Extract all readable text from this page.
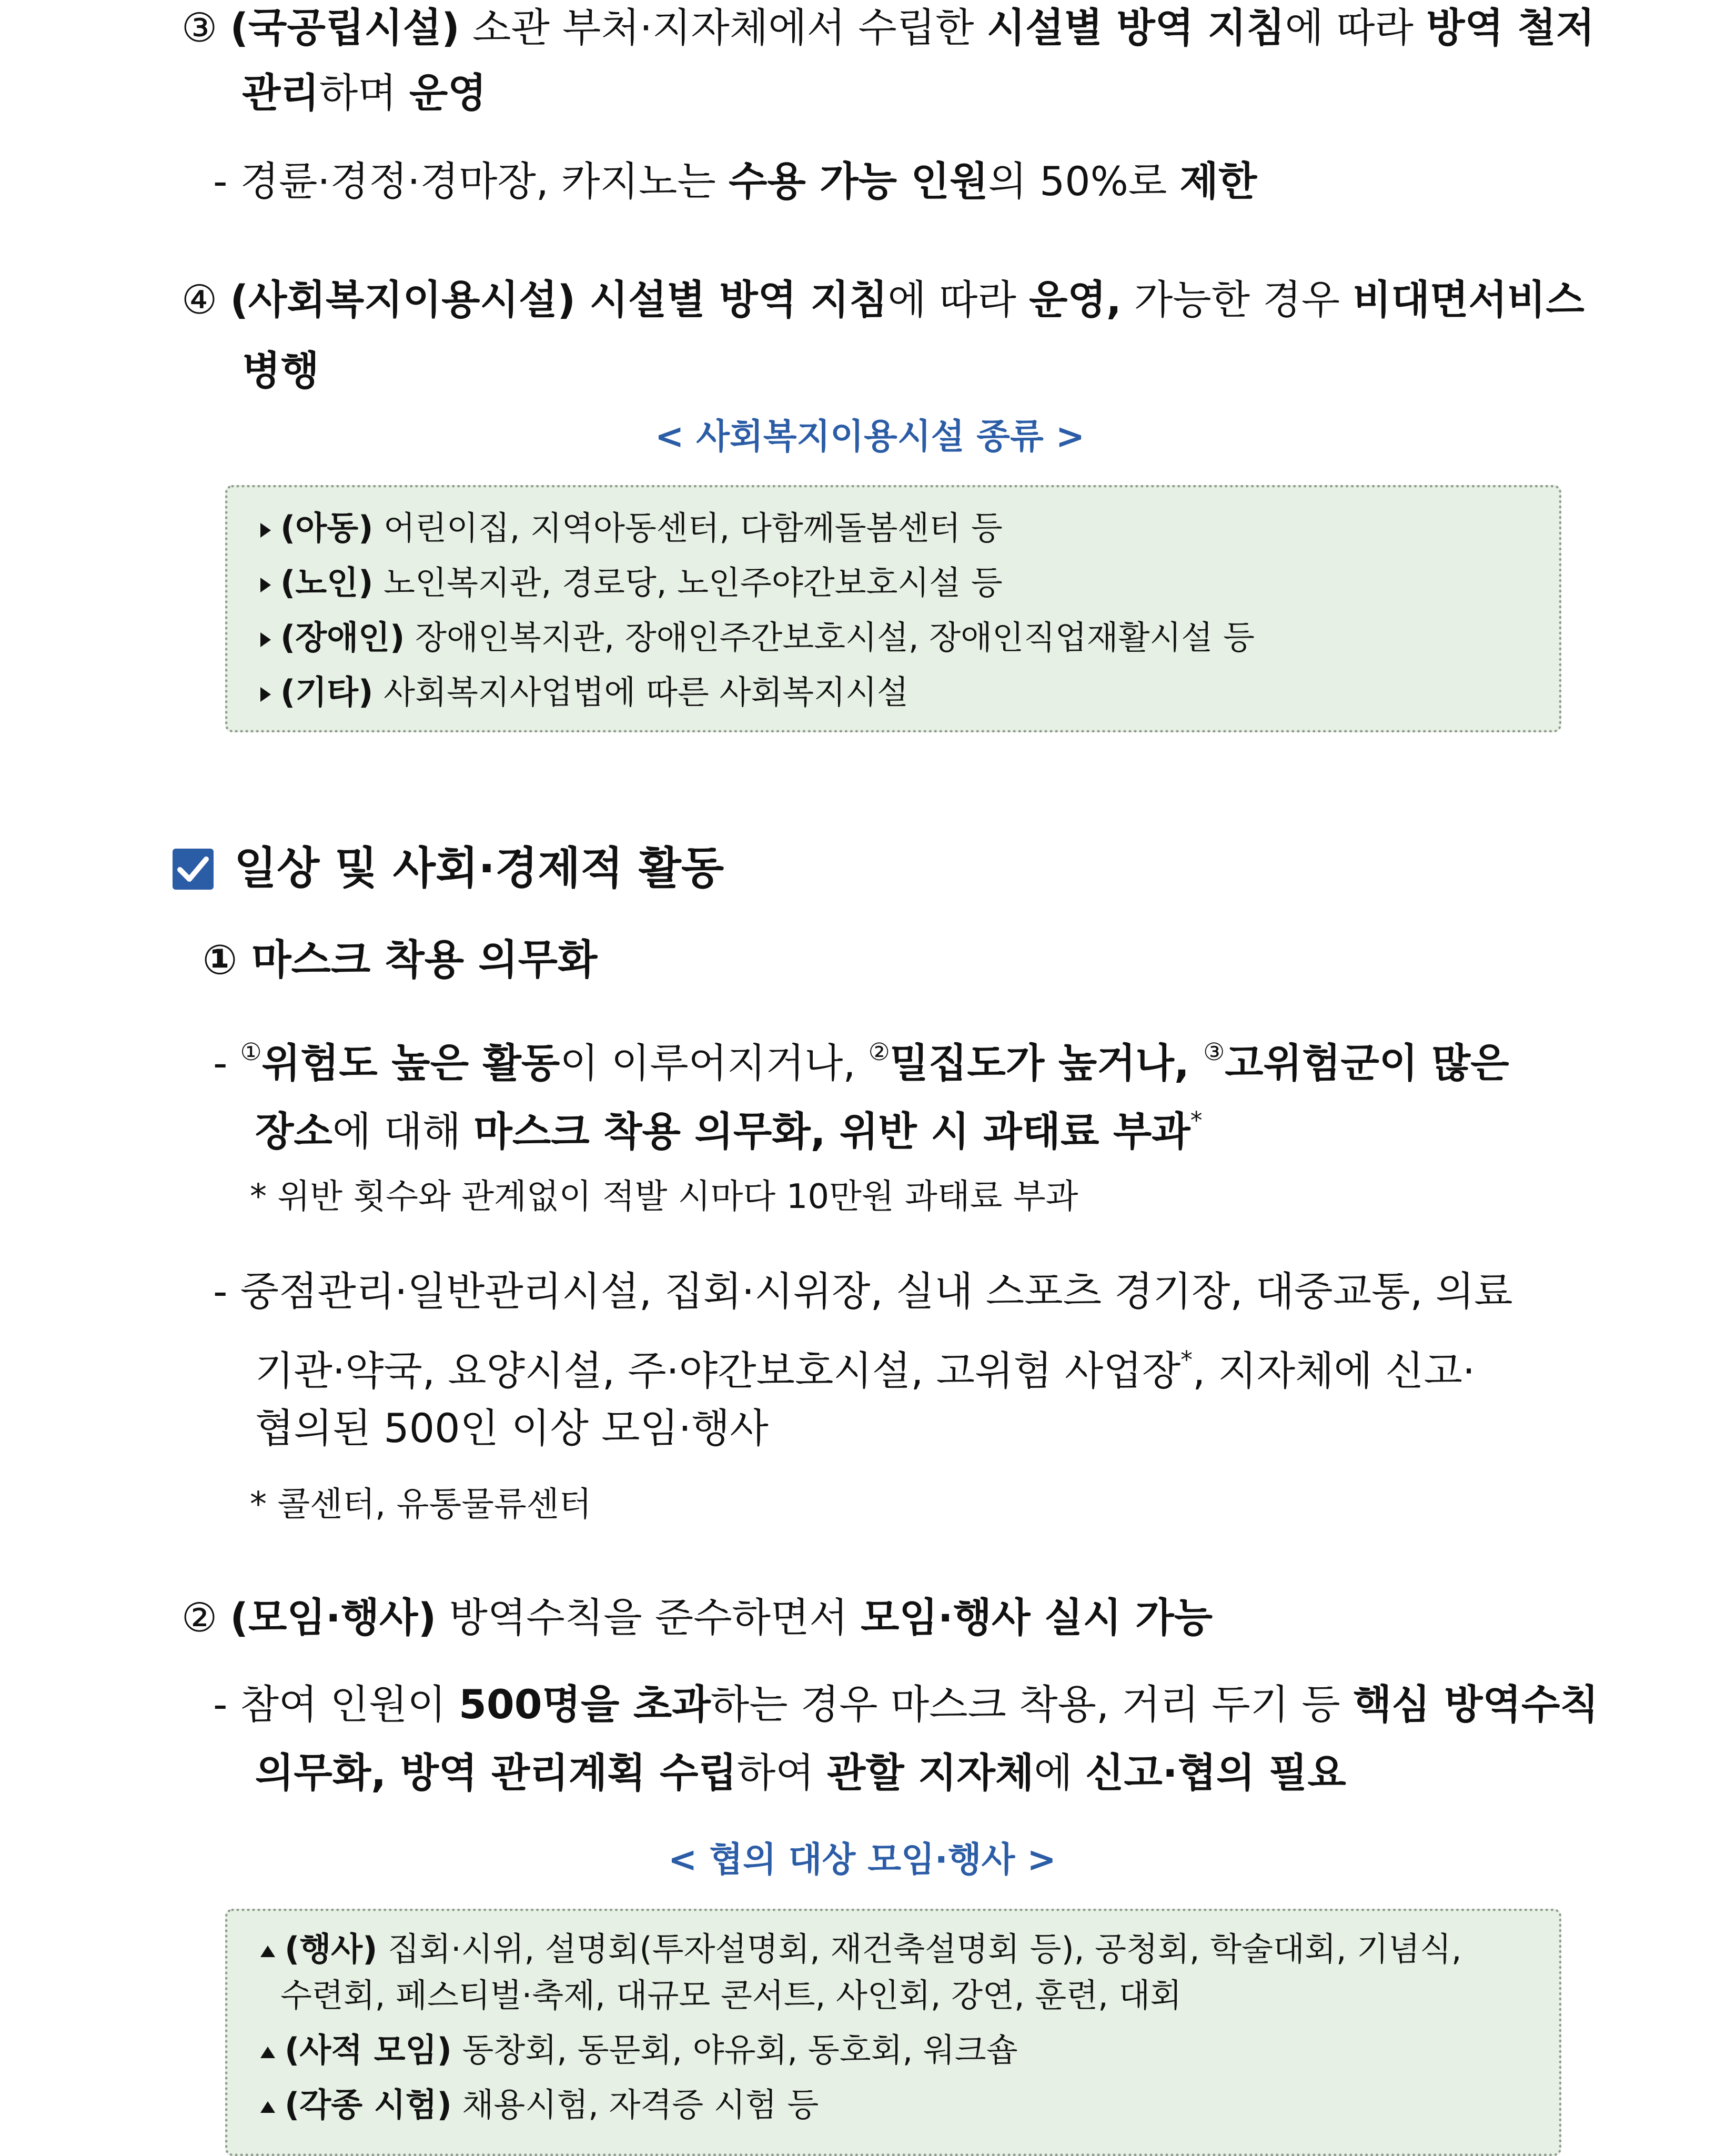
③ (국공립시설) 소관 부처·지자체에서 수립한 시설별 방역 지침에 따라 방역 철저
관리하며 운영
- 경륜·경정·경마장, 카지노는 수용 가능 인원의 50%로 제한
④ (사회복지이용시설) 시설별 방역 지침에 따라 운영, 가능한 경우 비대면서비스
병행
< 사회복지이용시설 종류 >
(아동) 어린이집, 지역아동센터, 다함께돌봄센터 등
(노인) 노인복지관, 경로당, 노인주야간보호시설 등
(장애인) 장애인복지관, 장애인주간보호시설, 장애인직업재활시설 등
(기타) 사회복지사업법에 따른 사회복지시설
일상 및 사회·경제적 활동
① 마스크 착용 의무화
- ①위험도 높은 활동이 이루어지거나, ②밀집도가 높거나, ③고위험군이 많은
장소에 대해 마스크 착용 의무화, 위반 시 과태료 부과*
* 위반 횟수와 관계없이 적발 시마다 10만원 과태료 부과
- 중점관리·일반관리시설, 집회·시위장, 실내 스포츠 경기장, 대중교통, 의료
기관·약국, 요양시설, 주·야간보호시설, 고위험 사업장*, 지자체에 신고·
협의된 500인 이상 모임·행사
* 콜센터, 유통물류센터
② (모임·행사) 방역수칙을 준수하면서 모임·행사 실시 가능
- 참여 인원이 500명을 초과하는 경우 마스크 착용, 거리 두기 등 핵심 방역수칙
의무화, 방역 관리계획 수립하여 관할 지자체에 신고·협의 필요
< 협의 대상 모임·행사 >
(행사) 집회·시위, 설명회(투자설명회, 재건축설명회 등), 공청회, 학술대회, 기념식,
수련회, 페스티벌·축제, 대규모 콘서트, 사인회, 강연, 훈련, 대회
(사적 모임) 동창회, 동문회, 야유회, 동호회, 워크숍
(각종 시험) 채용시험, 자격증 시험 등
